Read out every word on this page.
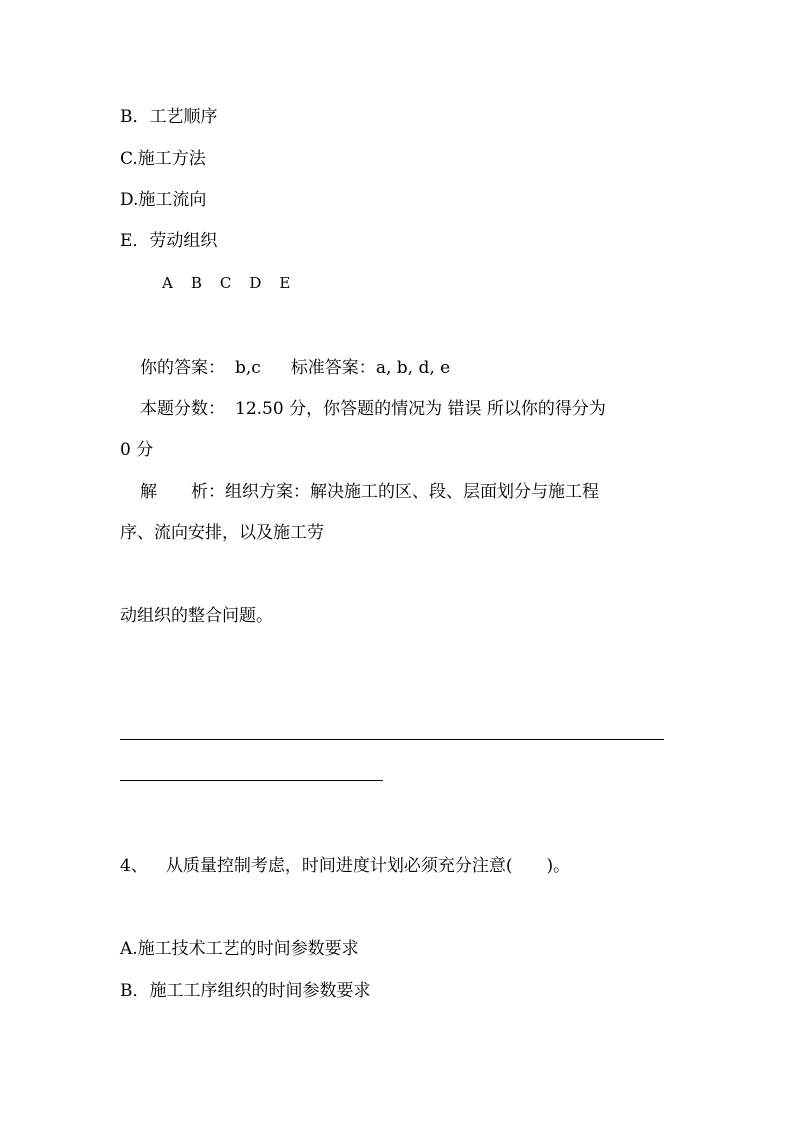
B．工艺顺序
C.施工方法
D.施工流向
E．劳动组织
A B C D E
你的答案： b,c 标准答案：a, b, d, e
本题分数： 12.50 分，你答题的情况为 错误 所以你的得分为
0 分
解　　析：组织方案：解决施工的区、段、层面划分与施工程
序、流向安排，以及施工劳
动组织的整合问题。
4、 从质量控制考虑，时间进度计划必须充分注意(　　)。
A.施工技术工艺的时间参数要求
B．施工工序组织的时间参数要求
